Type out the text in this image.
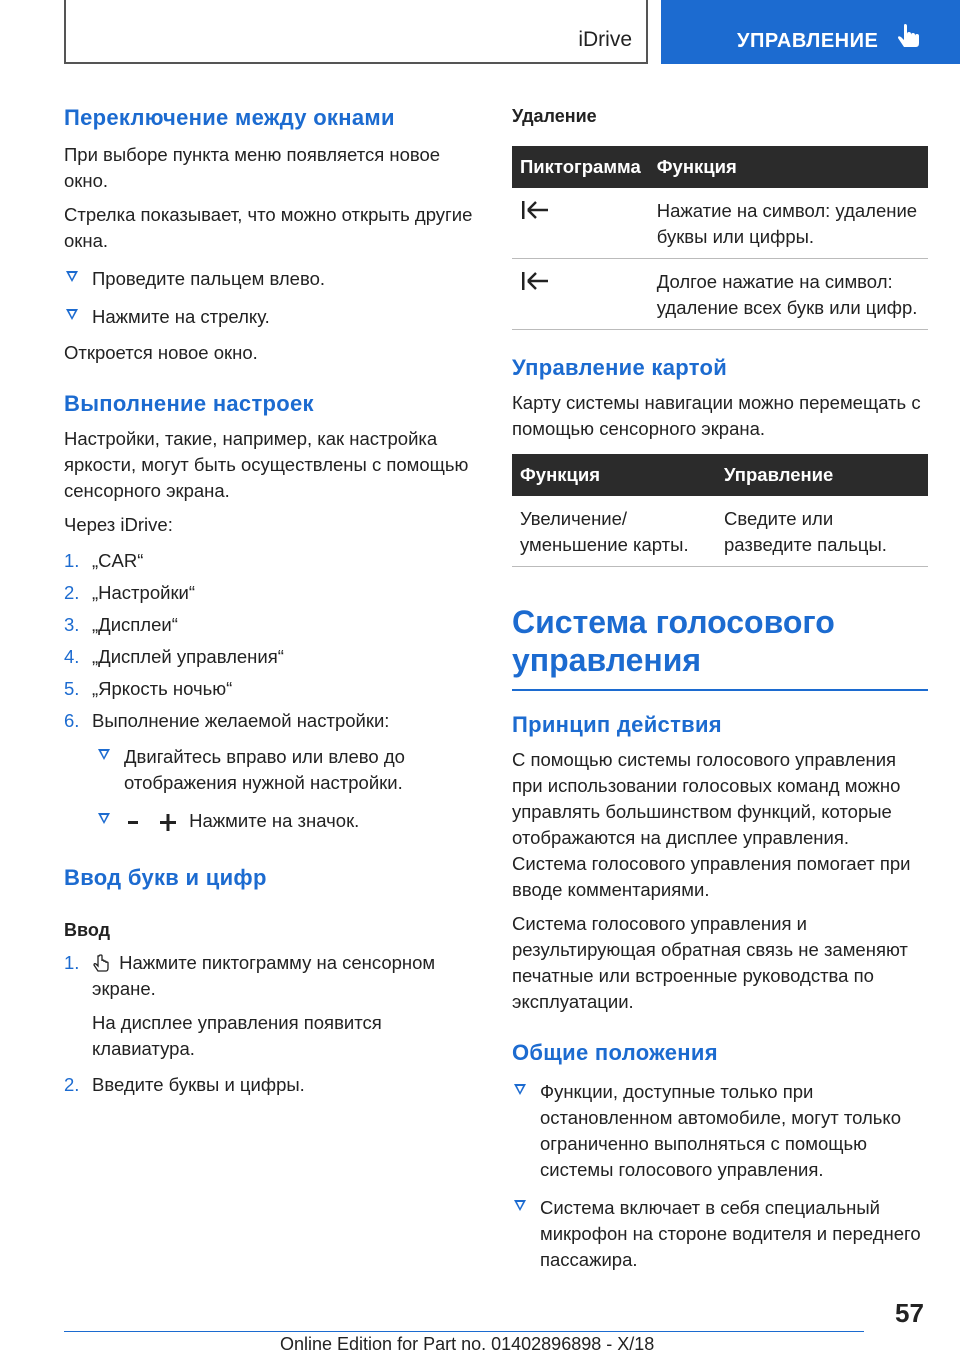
iDrive	УПРАВЛЕНИЕ
Переключение между окнами

При выборе пункта меню появляется новое окно.

Стрелка показывает, что можно открыть другие окна.

Проведите пальцем влево.
Нажмите на стрелку.

Откроется новое окно.

Выполнение настроек

Настройки, такие, например, как настройка яркости, могут быть осуществлены с помощью сенсорного экрана.

Через iDrive:

1. „CAR“
2. „Настройки“
3. „Дисплеи“
4. „Дисплей управления“
5. „Яркость ночью“
6. Выполнение желаемой настройки:
Двигайтесь вправо или влево до отображения нужной настройки.
Нажмите на значок.
Ввод букв и цифр
Ввод
1. Нажмите пиктограмму на сенсорном экране.

На дисплее управления появится клавиатура.

2. Введите буквы и цифры.
Удаление
Пиктограмма	Функция
	Нажатие на символ: удаление буквы или цифры.
	Долгое нажатие на символ: удаление всех букв или цифр.
Управление картой

Карту системы навигации можно перемещать с помощью сенсорного экрана.

Функция	Управление
Увеличение/уменьшение карты.	Сведите или разведите пальцы.
Система голосового управления
Принцип действия

С помощью системы голосового управления при использовании голосовых команд можно управлять большинством функций, которые отображаются на дисплее управления. Система голосового управления помогает при вводе комментариями.

Система голосового управления и результирующая обратная связь не заменяют печатные или встроенные руководства по эксплуатации.

Общие положения
Функции, доступные только при остановленном автомобиле, могут только ограниченно выполняться с помощью системы голосового управления.
Система включает в себя специальный микрофон на стороне водителя и переднего пассажира.
57
Online Edition for Part no. 01402896898 - X/18
